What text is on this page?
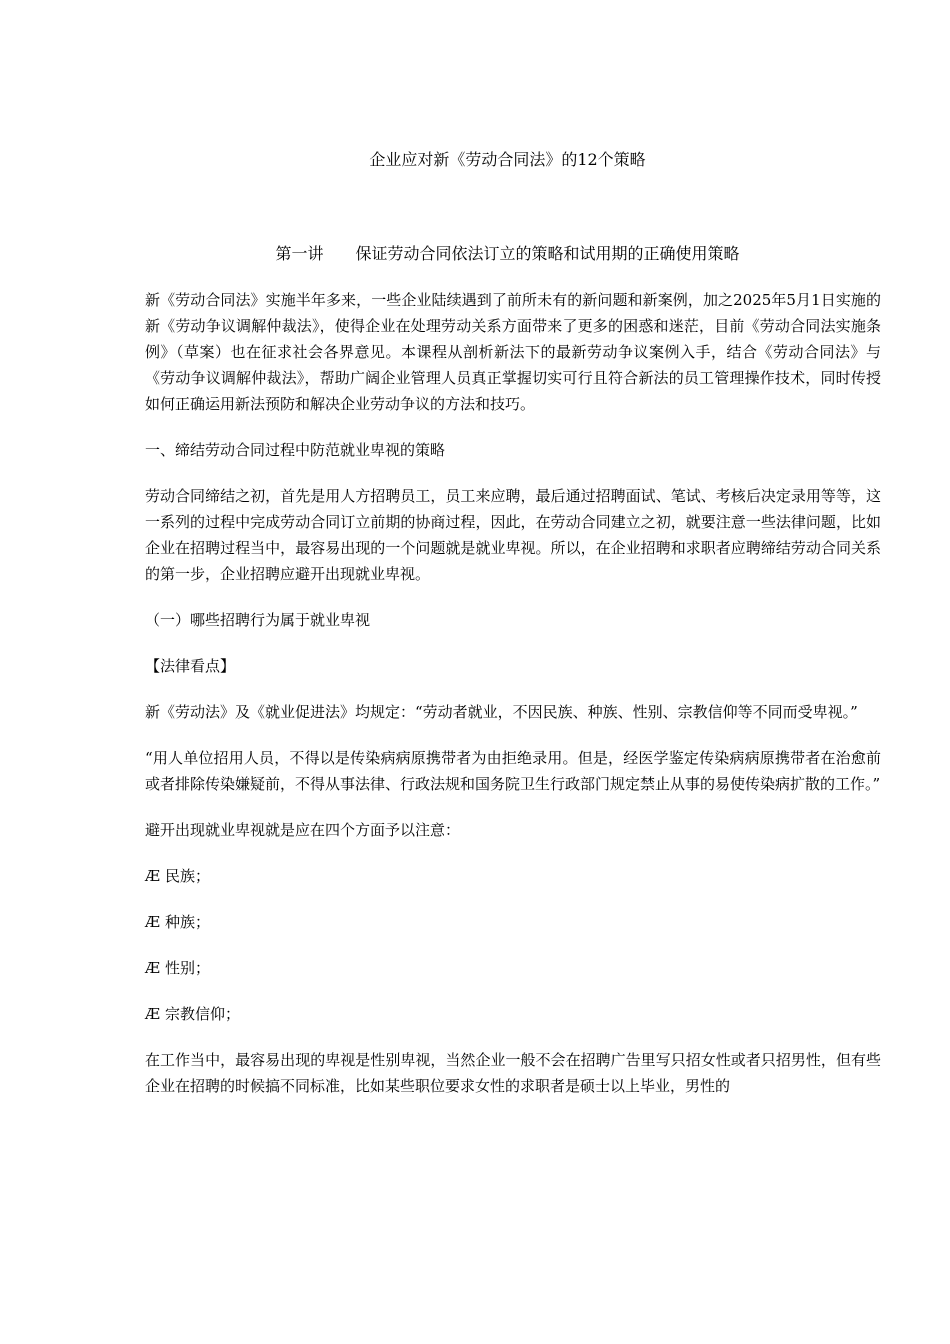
企业应对新《劳动合同法》的12个策略
第一讲　　保证劳动合同依法订立的策略和试用期的正确使用策略

新《劳动合同法》实施半年多来，一些企业陆续遇到了前所未有的新问题和新案例，加之2025年5月1日实施的新《劳动争议调解仲裁法》，使得企业在处理劳动关系方面带来了更多的困惑和迷茫，目前《劳动合同法实施条例》（草案）也在征求社会各界意见。本课程从剖析新法下的最新劳动争议案例入手，结合《劳动合同法》与《劳动争议调解仲裁法》，帮助广阔企业管理人员真正掌握切实可行且符合新法的员工管理操作技术，同时传授如何正确运用新法预防和解决企业劳动争议的方法和技巧。

一、缔结劳动合同过程中防范就业卑视的策略

劳动合同缔结之初，首先是用人方招聘员工，员工来应聘，最后通过招聘面试、笔试、考核后决定录用等等，这一系列的过程中完成劳动合同订立前期的协商过程，因此，在劳动合同建立之初，就要注意一些法律问题，比如企业在招聘过程当中，最容易出现的一个问题就是就业卑视。所以，在企业招聘和求职者应聘缔结劳动合同关系的第一步，企业招聘应避开出现就业卑视。

（一）哪些招聘行为属于就业卑视

【法律看点】

新《劳动法》及《就业促进法》均规定：“劳动者就业，不因民族、种族、性别、宗教信仰等不同而受卑视。”

“用人单位招用人员，不得以是传染病病原携带者为由拒绝录用。但是，经医学鉴定传染病病原携带者在治愈前或者排除传染嫌疑前，不得从事法律、行政法规和国务院卫生行政部门规定禁止从事的易使传染病扩散的工作。”

避开出现就业卑视就是应在四个方面予以注意：

Æ 民族；

Æ 种族；

Æ 性别；

Æ 宗教信仰；

在工作当中，最容易出现的卑视是性别卑视，当然企业一般不会在招聘广告里写只招女性或者只招男性，但有些企业在招聘的时候搞不同标准，比如某些职位要求女性的求职者是硕士以上毕业，男性的
